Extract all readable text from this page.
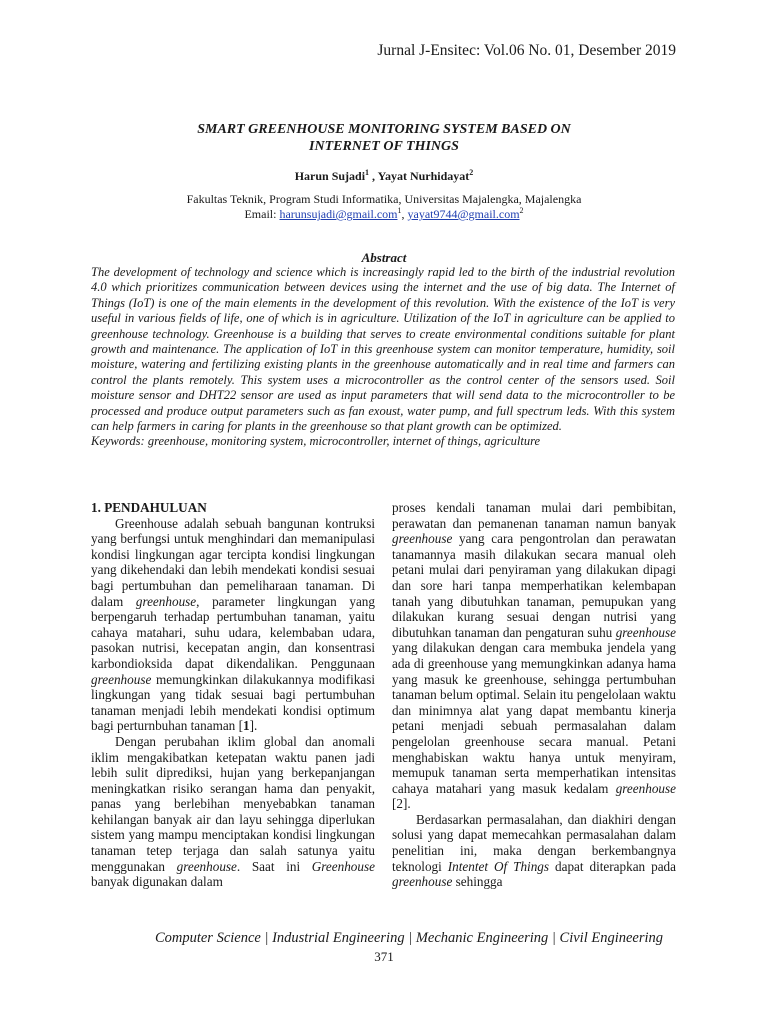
Jurnal J-Ensitec: Vol.06 No. 01, Desember 2019
SMART GREENHOUSE MONITORING SYSTEM BASED ON
INTERNET OF THINGS
Harun Sujadi$^1$ , Yayat Nurhidayat$^2$
Fakultas Teknik, Program Studi Informatika, Universitas Majalengka, Majalengka
Email: harunsujadi@gmail.com$^1$, yayat9744@gmail.com$^2$
Abstract

The development of technology and science which is increasingly rapid led to the birth of the industrial revolution 4.0 which prioritizes communication between devices using the internet and the use of big data. The Internet of Things (IoT) is one of the main elements in the development of this revolution. With the existence of the IoT is very useful in various fields of life, one of which is in agriculture. Utilization of the IoT in agriculture can be applied to greenhouse technology. Greenhouse is a building that serves to create environmental conditions suitable for plant growth and maintenance. The application of IoT in this greenhouse system can monitor temperature, humidity, soil moisture, watering and fertilizing existing plants in the greenhouse automatically and in real time and farmers can control the plants remotely. This system uses a microcontroller as the control center of the sensors used. Soil moisture sensor and DHT22 sensor are used as input parameters that will send data to the microcontroller to be processed and produce output parameters such as fan exoust, water pump, and full spectrum leds. With this system can help farmers in caring for plants in the greenhouse so that plant growth can be optimized.

Keywords: greenhouse, monitoring system, microcontroller, internet of things, agriculture

1. PENDAHULUAN

Greenhouse adalah sebuah bangunan kontruksi yang berfungsi untuk menghindari dan memanipulasi kondisi lingkungan agar tercipta kondisi lingkungan yang dikehendaki dan lebih mendekati kondisi sesuai bagi pertumbuhan dan pemeliharaan tanaman. Di dalam greenhouse, parameter lingkungan yang berpengaruh terhadap pertumbuhan tanaman, yaitu cahaya matahari, suhu udara, kelembaban udara, pasokan nutrisi, kecepatan angin, dan konsentrasi karbondioksida dapat dikendalikan. Penggunaan greenhouse memungkinkan dilakukannya modifikasi lingkungan yang tidak sesuai bagi pertumbuhan tanaman menjadi lebih mendekati kondisi optimum bagi perturnbuhan tanaman [1].

Dengan perubahan iklim global dan anomali iklim mengakibatkan ketepatan waktu panen jadi lebih sulit diprediksi, hujan yang berkepanjangan meningkatkan risiko serangan hama dan penyakit, panas yang berlebihan menyebabkan tanaman kehilangan banyak air dan layu sehingga diperlukan sistem yang mampu menciptakan kondisi lingkungan tanaman tetep terjaga dan salah satunya yaitu menggunakan greenhouse. Saat ini Greenhouse banyak digunakan dalam

proses kendali tanaman mulai dari pembibitan, perawatan dan pemanenan tanaman namun banyak greenhouse yang cara pengontrolan dan perawatan tanamannya masih dilakukan secara manual oleh petani mulai dari penyiraman yang dilakukan dipagi dan sore hari tanpa memperhatikan kelembapan tanah yang dibutuhkan tanaman, pemupukan yang dilakukan kurang sesuai dengan nutrisi yang dibutuhkan tanaman dan pengaturan suhu greenhouse yang dilakukan dengan cara membuka jendela yang ada di greenhouse yang memungkinkan adanya hama yang masuk ke greenhouse, sehingga pertumbuhan tanaman belum optimal. Selain itu pengelolaan waktu dan minimnya alat yang dapat membantu kinerja petani menjadi sebuah permasalahan dalam pengelolan greenhouse secara manual. Petani menghabiskan waktu hanya untuk menyiram, memupuk tanaman serta memperhatikan intensitas cahaya matahari yang masuk kedalam greenhouse [2].

Berdasarkan permasalahan, dan diakhiri dengan solusi yang dapat memecahkan permasalahan dalam penelitian ini, maka dengan berkembangnya teknologi Intentet Of Things dapat diterapkan pada greenhouse sehingga

Computer Science | Industrial Engineering | Mechanic Engineering | Civil Engineering
371
